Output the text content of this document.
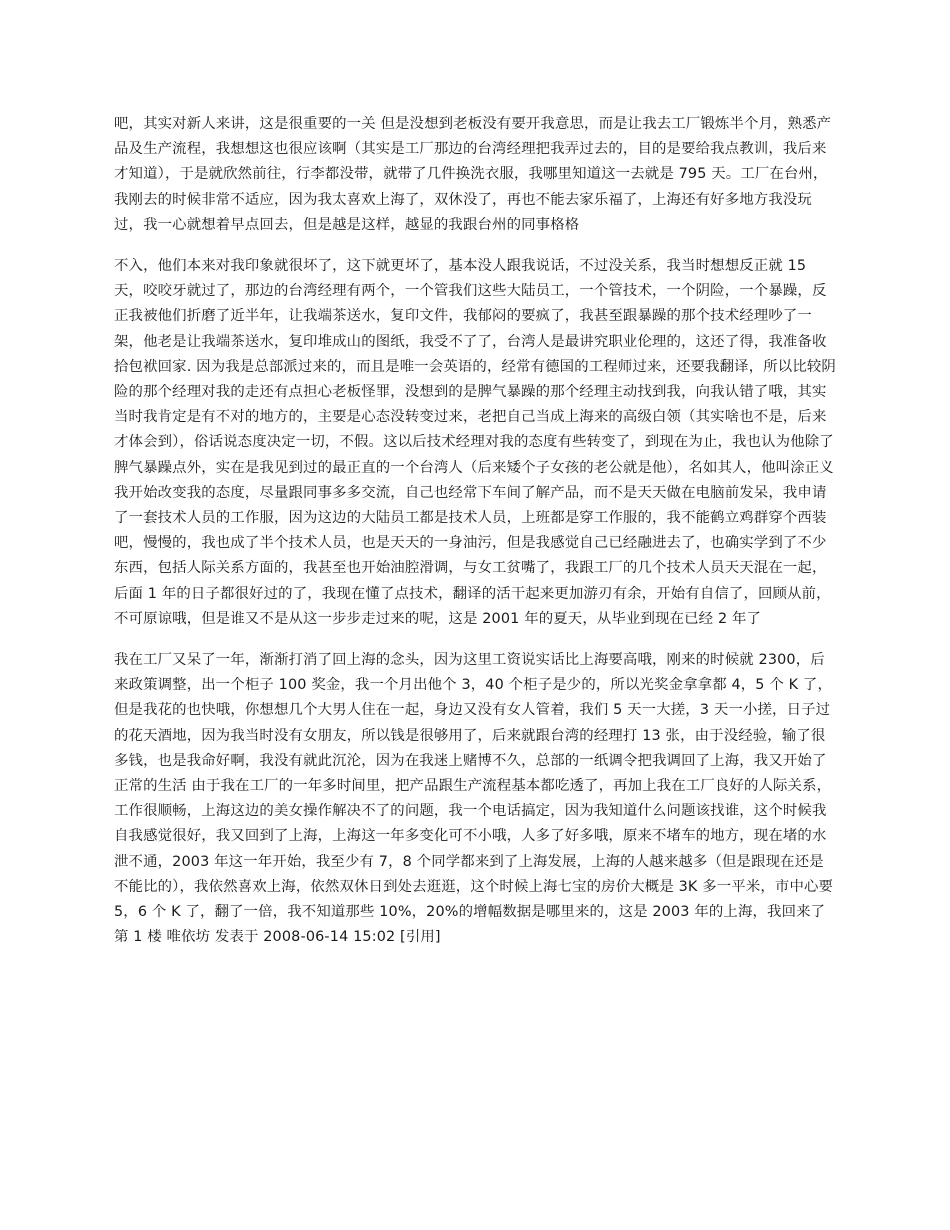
吧，其实对新人来讲，这是很重要的一关 但是没想到老板没有要开我意思，而是让我去工厂锻炼半个月，熟悉产品及生产流程，我想想这也很应该啊（其实是工厂那边的台湾经理把我弄过去的，目的是要给我点教训，我后来才知道），于是就欣然前往，行李都没带，就带了几件换洗衣服，我哪里知道这一去就是 795 天。工厂在台州，我刚去的时候非常不适应，因为我太喜欢上海了，双休没了，再也不能去家乐福了，上海还有好多地方我没玩过，我一心就想着早点回去，但是越是这样，越显的我跟台州的同事格格

不入，他们本来对我印象就很坏了，这下就更坏了，基本没人跟我说话，不过没关系，我当时想想反正就 15 天，咬咬牙就过了，那边的台湾经理有两个，一个管我们这些大陆员工，一个管技术，一个阴险，一个暴躁，反正我被他们折磨了近半年，让我端茶送水，复印文件，我郁闷的要疯了，我甚至跟暴躁的那个技术经理吵了一架，他老是让我端茶送水，复印堆成山的图纸，我受不了了，台湾人是最讲究职业伦理的，这还了得，我准备收拾包袱回家. 因为我是总部派过来的，而且是唯一会英语的，经常有德国的工程师过来，还要我翻译，所以比较阴险的那个经理对我的走还有点担心老板怪罪，没想到的是脾气暴躁的那个经理主动找到我，向我认错了哦，其实当时我肯定是有不对的地方的，主要是心态没转变过来，老把自己当成上海来的高级白领（其实啥也不是，后来才体会到），俗话说态度决定一切，不假。这以后技术经理对我的态度有些转变了，到现在为止，我也认为他除了脾气暴躁点外，实在是我见到过的最正直的一个台湾人（后来矮个子女孩的老公就是他），名如其人，他叫涂正义 我开始改变我的态度，尽量跟同事多多交流，自己也经常下车间了解产品，而不是天天做在电脑前发呆，我申请了一套技术人员的工作服，因为这边的大陆员工都是技术人员，上班都是穿工作服的，我不能鹤立鸡群穿个西装吧，慢慢的，我也成了半个技术人员，也是天天的一身油污，但是我感觉自己已经融进去了，也确实学到了不少东西，包括人际关系方面的，我甚至也开始油腔滑调，与女工贫嘴了，我跟工厂的几个技术人员天天混在一起，后面 1 年的日子都很好过的了，我现在懂了点技术，翻译的活干起来更加游刃有余，开始有自信了，回顾从前，不可原谅哦，但是谁又不是从这一步步走过来的呢，这是 2001 年的夏天，从毕业到现在已经 2 年了

我在工厂又呆了一年，渐渐打消了回上海的念头，因为这里工资说实话比上海要高哦，刚来的时候就 2300，后来政策调整，出一个柜子 100 奖金，我一个月出他个 3，40 个柜子是少的，所以光奖金拿拿都 4，5 个 K 了，但是我花的也快哦，你想想几个大男人住在一起，身边又没有女人管着，我们 5 天一大搓，3 天一小搓，日子过的花天酒地，因为我当时没有女朋友，所以钱是很够用了，后来就跟台湾的经理打 13 张，由于没经验，输了很多钱，也是我命好啊，我没有就此沉沦，因为在我迷上赌博不久，总部的一纸调令把我调回了上海，我又开始了正常的生活 由于我在工厂的一年多时间里，把产品跟生产流程基本都吃透了，再加上我在工厂良好的人际关系，工作很顺畅，上海这边的美女操作解决不了的问题，我一个电话搞定，因为我知道什么问题该找谁，这个时候我自我感觉很好，我又回到了上海，上海这一年多变化可不小哦，人多了好多哦，原来不堵车的地方，现在堵的水泄不通，2003 年这一年开始，我至少有 7，8 个同学都来到了上海发展，上海的人越来越多（但是跟现在还是不能比的），我依然喜欢上海，依然双休日到处去逛逛，这个时候上海七宝的房价大概是 3K 多一平米，市中心要 5，6 个 K 了，翻了一倍，我不知道那些 10%，20%的增幅数据是哪里来的，这是 2003 年的上海，我回来了 第 1 楼 唯依坊 发表于 2008-06-14 15:02 [引用]
